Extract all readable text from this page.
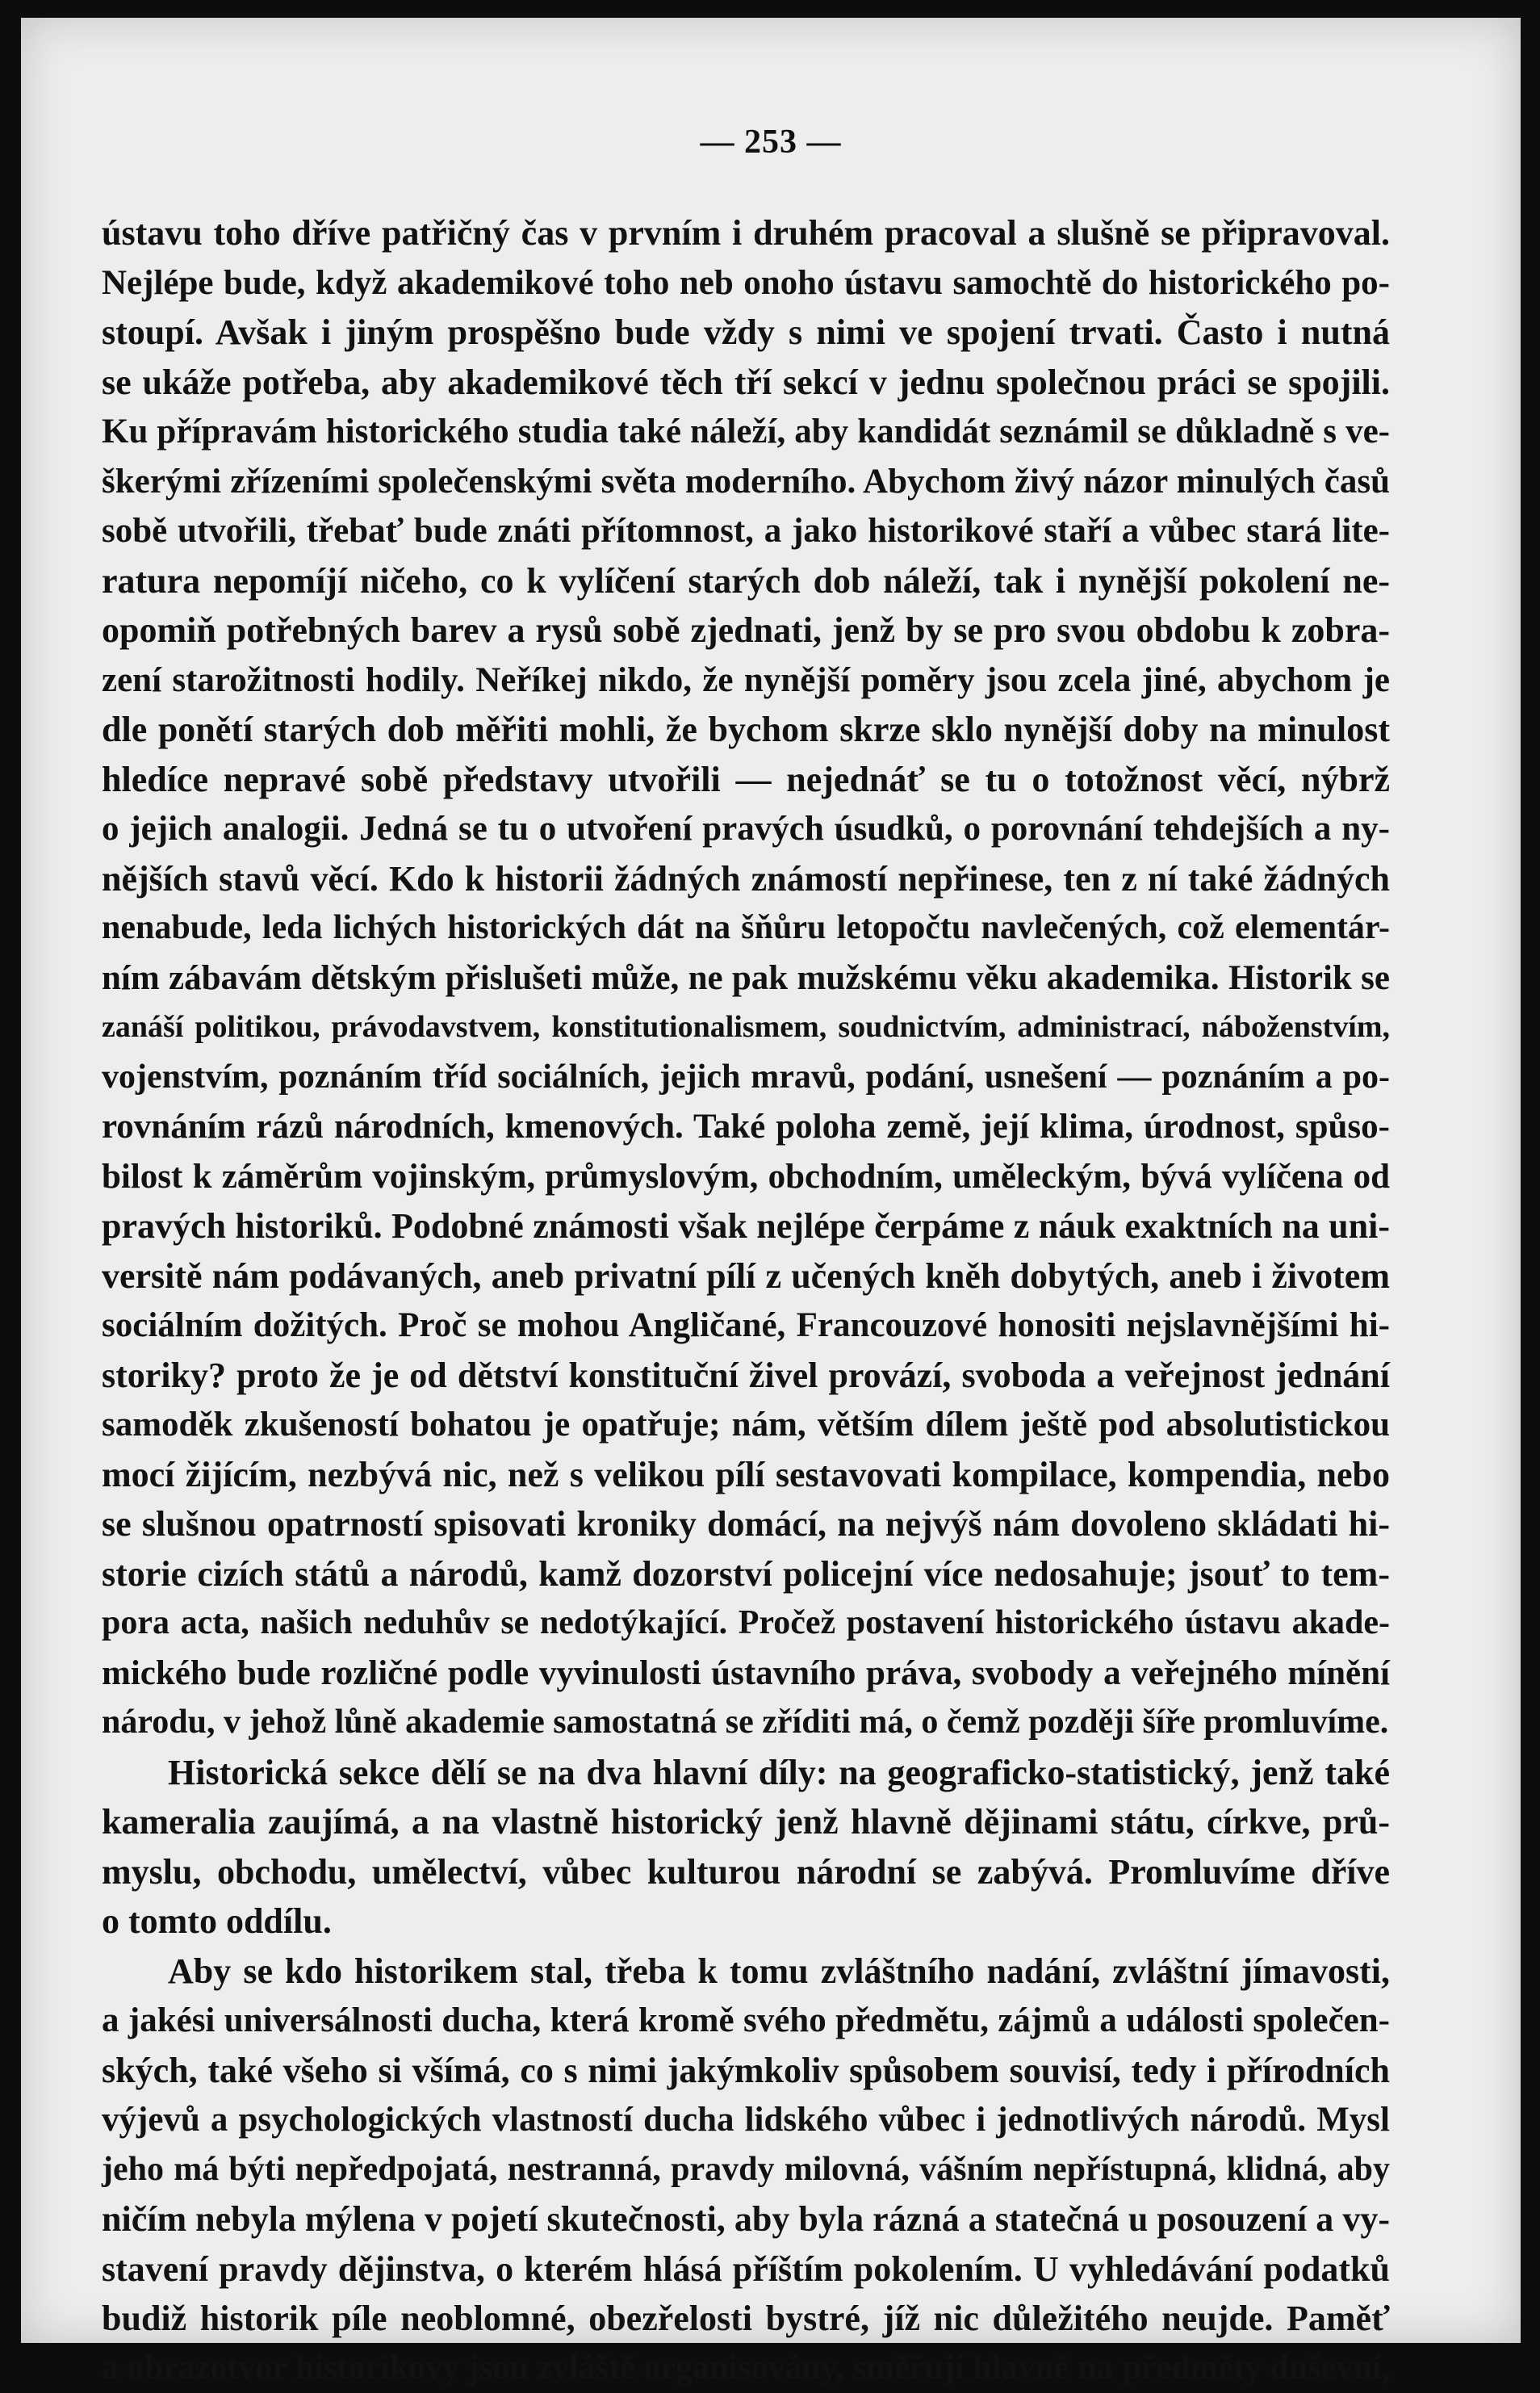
— 253 —
ústavu toho dříve patřičný čas v prvním i druhém pracoval a slušně se připravoval.
Nejlépe bude, když akademikové toho neb onoho ústavu samochtě do historického po-
stoupí. Avšak i jiným prospěšno bude vždy s nimi ve spojení trvati. Často i nutná
se ukáže potřeba, aby akademikové těch tří sekcí v jednu společnou práci se spojili.
Ku přípravám historického studia také náleží, aby kandidát seznámil se důkladně s ve-
škerými zřízeními společenskými světa moderního. Abychom živý názor minulých časů
sobě utvořili, třebať bude znáti přítomnost, a jako historikové staří a vůbec stará lite-
ratura nepomíjí ničeho, co k vylíčení starých dob náleží, tak i nynější pokolení ne-
opomiň potřebných barev a rysů sobě zjednati, jenž by se pro svou obdobu k zobra-
zení starožitnosti hodily. Neříkej nikdo, že nynější poměry jsou zcela jiné, abychom je
dle ponětí starých dob měřiti mohli, že bychom skrze sklo nynější doby na minulost
hledíce nepravé sobě představy utvořili — nejednáť se tu o totožnost věcí, nýbrž
o jejich analogii. Jedná se tu o utvoření pravých úsudků, o porovnání tehdejších a ny-
nějších stavů věcí. Kdo k historii žádných známostí nepřinese, ten z ní také žádných
nenabude, leda lichých historických dát na šňůru letopočtu navlečených, což elementár-
ním zábavám dětským přislušeti může, ne pak mužskému věku akademika. Historik se
zanáší politikou, právodavstvem, konstitutionalismem, soudnictvím, administrací, náboženstvím,
vojenstvím, poznáním tříd sociálních, jejich mravů, podání, usnešení — poznáním a po-
rovnáním rázů národních, kmenových. Také poloha země, její klima, úrodnost, spůso-
bilost k záměrům vojinským, průmyslovým, obchodním, uměleckým, bývá vylíčena od
pravých historiků. Podobné známosti však nejlépe čerpáme z náuk exaktních na uni-
versitě nám podávaných, aneb privatní pílí z učených kněh dobytých, aneb i životem
sociálním dožitých. Proč se mohou Angličané, Francouzové honositi nejslavnějšími hi-
storiky? proto že je od dětství konstituční živel provází, svoboda a veřejnost jednání
samoděk zkušeností bohatou je opatřuje; nám, větším dílem ještě pod absolutistickou
mocí žijícím, nezbývá nic, než s velikou pílí sestavovati kompilace, kompendia, nebo
se slušnou opatrností spisovati kroniky domácí, na nejvýš nám dovoleno skládati hi-
storie cizích států a národů, kamž dozorství policejní více nedosahuje; jsouť to tem-
pora acta, našich neduhův se nedotýkající. Pročež postavení historického ústavu akade-
mického bude rozličné podle vyvinulosti ústavního práva, svobody a veřejného mínění
národu, v jehož lůně akademie samostatná se zříditi má, o čemž později šíře promluvíme.
Historická sekce dělí se na dva hlavní díly: na geograficko-statistický, jenž také
kameralia zaujímá, a na vlastně historický jenž hlavně dějinami státu, církve, prů-
myslu, obchodu, umělectví, vůbec kulturou národní se zabývá. Promluvíme dříve
o tomto oddílu.
Aby se kdo historikem stal, třeba k tomu zvláštního nadání, zvláštní jímavosti,
a jakési universálnosti ducha, která kromě svého předmětu, zájmů a události společen-
ských, také všeho si všímá, co s nimi jakýmkoliv spůsobem souvisí, tedy i přírodních
výjevů a psychologických vlastností ducha lidského vůbec i jednotlivých národů. Mysl
jeho má býti nepředpojatá, nestranná, pravdy milovná, vášním nepřístupná, klidná, aby
ničím nebyla mýlena v pojetí skutečnosti, aby byla rázná a statečná u posouzení a vy-
stavení pravdy dějinstva, o kterém hlásá příštím pokolením. U vyhledávání podatků
budiž historik píle neoblomné, obezřelosti bystré, jíž nic důležitého neujde. Paměť
a obrazotvor historikovy jsou zvláště organisovány, směřují hlavně na předměty duševní,
